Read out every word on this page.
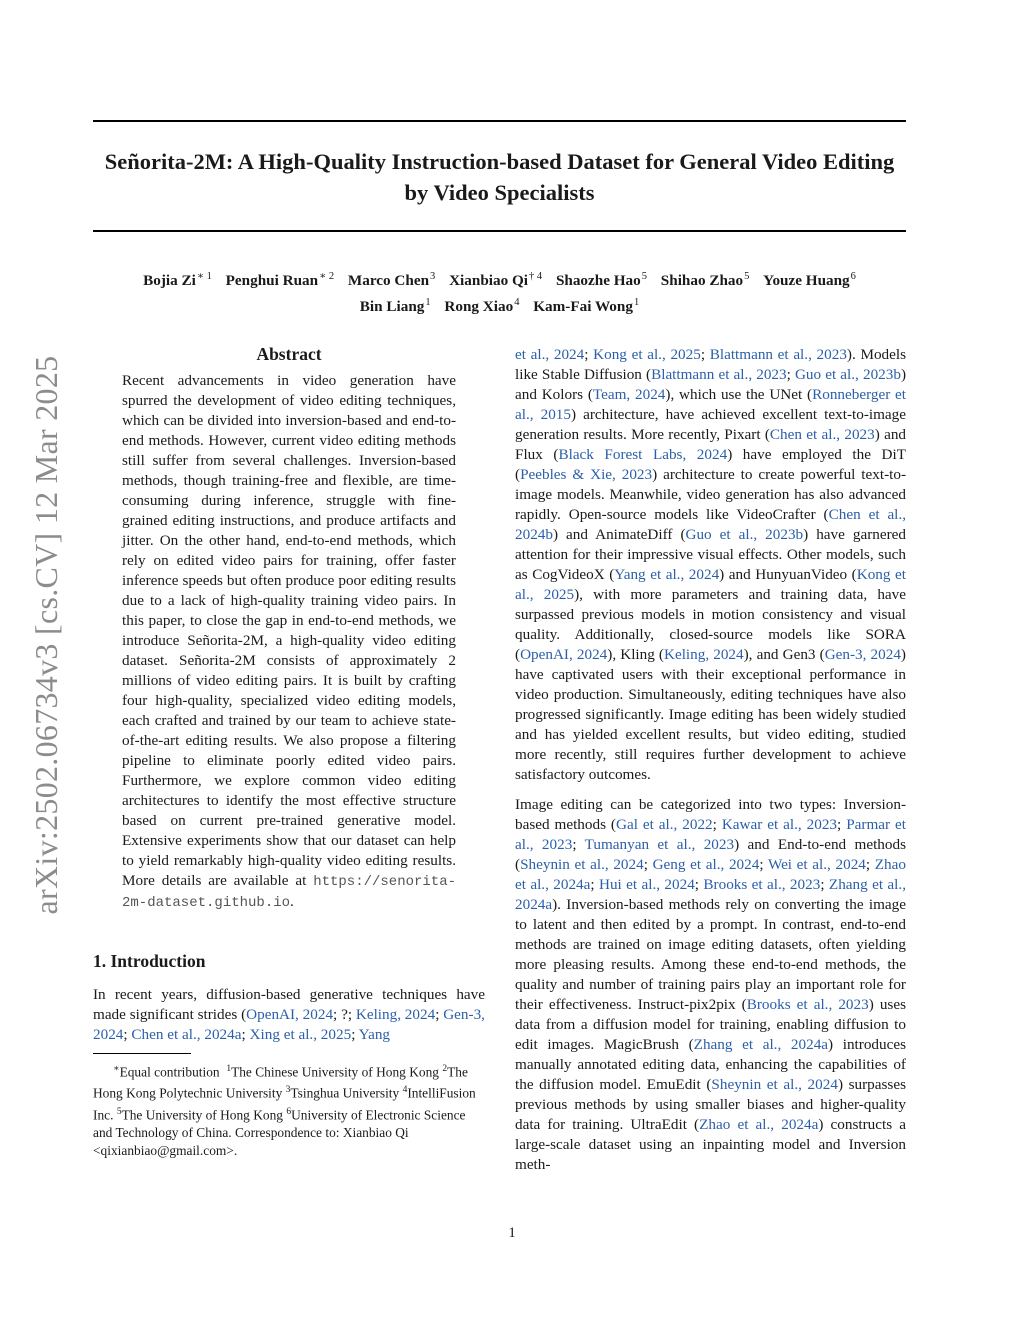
Señorita-2M: A High-Quality Instruction-based Dataset for General Video Editing by Video Specialists
Bojia $Zi^{∗ 1}$ Penghui Ruan$^{∗ 2}$ Marco Chen$^3$ Xianbiao Qi$^{\dagger 4}$ Shaozhe Hao$^5$ Shihao Zhao$^5$ Youze Huang$^6$
Bin Liang$^1$ Rong Xiao$^4$ Kam-Fai Wong$^1$
arXiv:2502.06734v3 [cs.CV] 12 Mar 2025
Abstract

Recent advancements in video generation have spurred the development of video editing techniques, which can be divided into inversion-based and end-to-end methods. However, current video editing methods still suffer from several challenges. Inversion-based methods, though training-free and flexible, are time-consuming during inference, struggle with fine-grained editing instructions, and produce artifacts and jitter. On the other hand, end-to-end methods, which rely on edited video pairs for training, offer faster inference speeds but often produce poor editing results due to a lack of high-quality training video pairs. In this paper, to close the gap in end-to-end methods, we introduce Señorita-2M, a high-quality video editing dataset. Señorita-2M consists of approximately 2 millions of video editing pairs. It is built by crafting four high-quality, specialized video editing models, each crafted and trained by our team to achieve state-of-the-art editing results. We also propose a filtering pipeline to eliminate poorly edited video pairs. Furthermore, we explore common video editing architectures to identify the most effective structure based on current pre-trained generative model. Extensive experiments show that our dataset can help to yield remarkably high-quality video editing results. More details are available at https://senorita-2m-dataset.github.io.

1. Introduction

In recent years, diffusion-based generative techniques have made significant strides (OpenAI, 2024; ?; Keling, 2024; Gen-3, 2024; Chen et al., 2024a; Xing et al., 2025; Yang

∗Equal contribution $^1$The Chinese University of Hong Kong $^2$The Hong Kong Polytechnic University $^3$Tsinghua University $^4$IntelliFusion Inc. $^5$The University of Hong Kong $^6$University of Electronic Science and Technology of China. Correspondence to: Xianbiao Qi <qixianbiao@gmail.com>.

et al., 2024; Kong et al., 2025; Blattmann et al., 2023). Models like Stable Diffusion (Blattmann et al., 2023; Guo et al., 2023b) and Kolors (Team, 2024), which use the UNet (Ronneberger et al., 2015) architecture, have achieved excellent text-to-image generation results. More recently, Pixart (Chen et al., 2023) and Flux (Black Forest Labs, 2024) have employed the DiT (Peebles & Xie, 2023) architecture to create powerful text-to-image models. Meanwhile, video generation has also advanced rapidly. Open-source models like VideoCrafter (Chen et al., 2024b) and AnimateDiff (Guo et al., 2023b) have garnered attention for their impressive visual effects. Other models, such as CogVideoX (Yang et al., 2024) and HunyuanVideo (Kong et al., 2025), with more parameters and training data, have surpassed previous models in motion consistency and visual quality. Additionally, closed-source models like SORA (OpenAI, 2024), Kling (Keling, 2024), and Gen3 (Gen-3, 2024) have captivated users with their exceptional performance in video production. Simultaneously, editing techniques have also progressed significantly. Image editing has been widely studied and has yielded excellent results, but video editing, studied more recently, still requires further development to achieve satisfactory outcomes.

Image editing can be categorized into two types: Inversion-based methods (Gal et al., 2022; Kawar et al., 2023; Parmar et al., 2023; Tumanyan et al., 2023) and End-to-end methods (Sheynin et al., 2024; Geng et al., 2024; Wei et al., 2024; Zhao et al., 2024a; Hui et al., 2024; Brooks et al., 2023; Zhang et al., 2024a). Inversion-based methods rely on converting the image to latent and then edited by a prompt. In contrast, end-to-end methods are trained on image editing datasets, often yielding more pleasing results. Among these end-to-end methods, the quality and number of training pairs play an important role for their effectiveness. Instruct-pix2pix (Brooks et al., 2023) uses data from a diffusion model for training, enabling diffusion to edit images. MagicBrush (Zhang et al., 2024a) introduces manually annotated editing data, enhancing the capabilities of the diffusion model. EmuEdit (Sheynin et al., 2024) surpasses previous methods by using smaller biases and higher-quality data for training. UltraEdit (Zhao et al., 2024a) constructs a large-scale dataset using an inpainting model and Inversion meth-

1
